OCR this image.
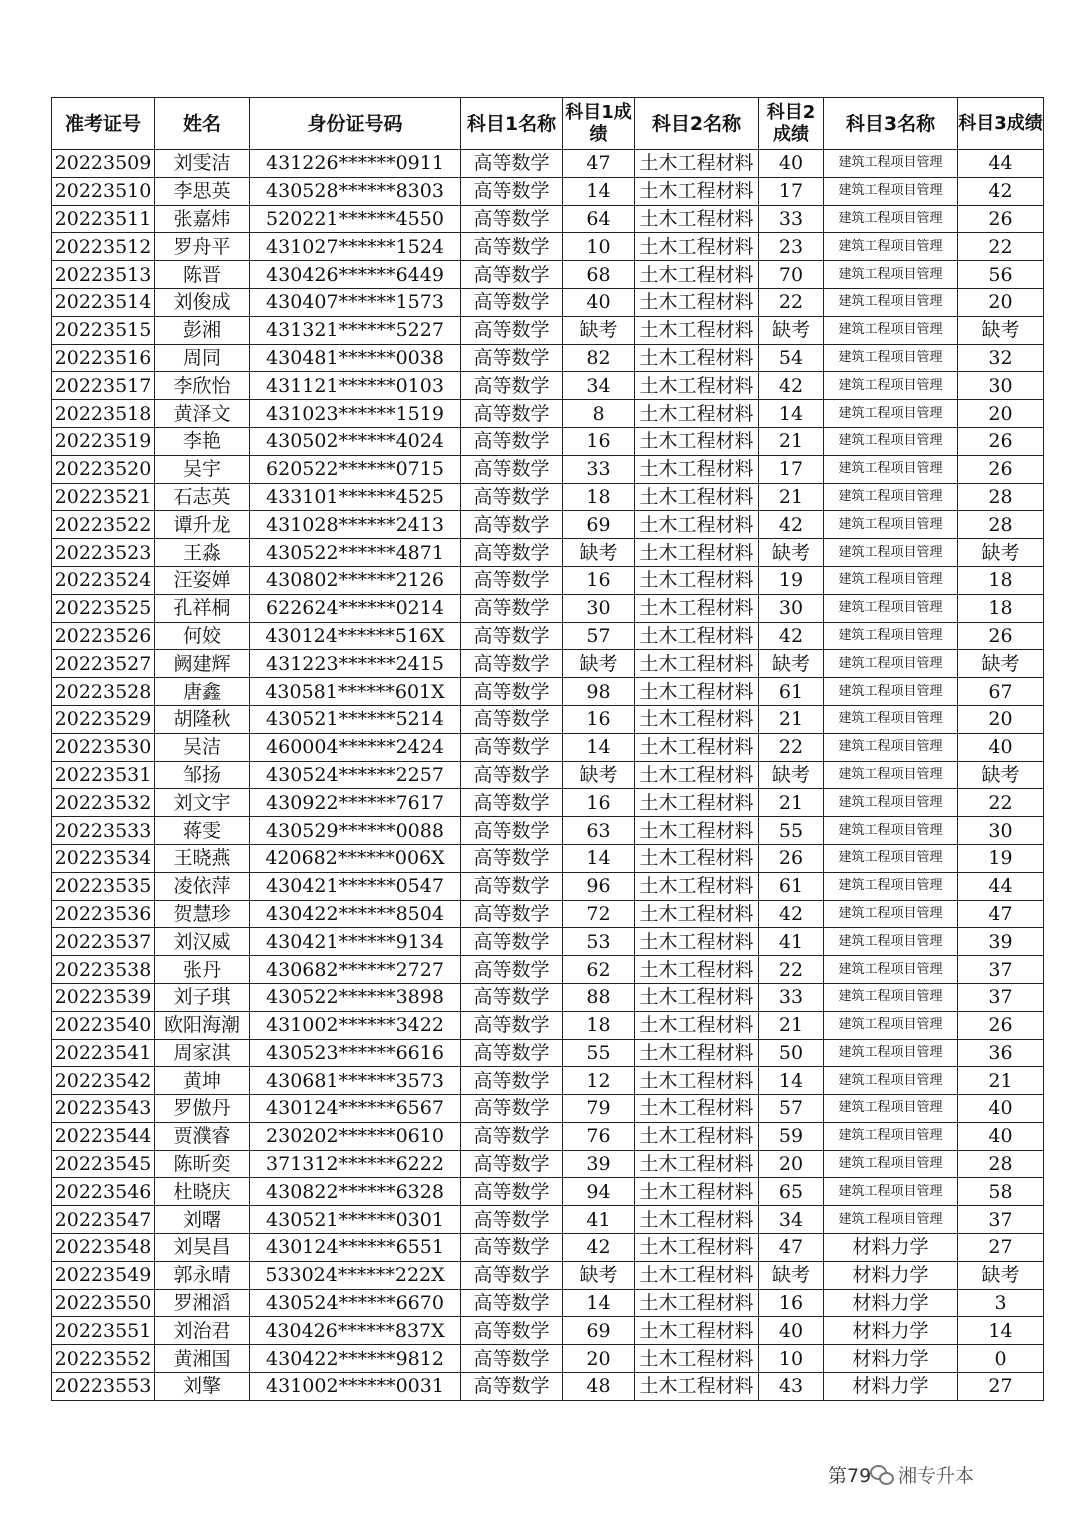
准考证号	姓名	身份证号码	科目1名称	科目1成绩	科目2名称	科目2成绩	科目3名称	科目3成绩
20223509	刘雯洁	431226******0911	高等数学	47	土木工程材料	40	建筑工程项目管理	44
20223510	李思英	430528******8303	高等数学	14	土木工程材料	17	建筑工程项目管理	42
20223511	张嘉炜	520221******4550	高等数学	64	土木工程材料	33	建筑工程项目管理	26
20223512	罗舟平	431027******1524	高等数学	10	土木工程材料	23	建筑工程项目管理	22
20223513	陈晋	430426******6449	高等数学	68	土木工程材料	70	建筑工程项目管理	56
20223514	刘俊成	430407******1573	高等数学	40	土木工程材料	22	建筑工程项目管理	20
20223515	彭湘	431321******5227	高等数学	缺考	土木工程材料	缺考	建筑工程项目管理	缺考
20223516	周同	430481******0038	高等数学	82	土木工程材料	54	建筑工程项目管理	32
20223517	李欣怡	431121******0103	高等数学	34	土木工程材料	42	建筑工程项目管理	30
20223518	黄泽文	431023******1519	高等数学	8	土木工程材料	14	建筑工程项目管理	20
20223519	李艳	430502******4024	高等数学	16	土木工程材料	21	建筑工程项目管理	26
20223520	吴宇	620522******0715	高等数学	33	土木工程材料	17	建筑工程项目管理	26
20223521	石志英	433101******4525	高等数学	18	土木工程材料	21	建筑工程项目管理	28
20223522	谭升龙	431028******2413	高等数学	69	土木工程材料	42	建筑工程项目管理	28
20223523	王淼	430522******4871	高等数学	缺考	土木工程材料	缺考	建筑工程项目管理	缺考
20223524	汪姿婵	430802******2126	高等数学	16	土木工程材料	19	建筑工程项目管理	18
20223525	孔祥桐	622624******0214	高等数学	30	土木工程材料	30	建筑工程项目管理	18
20223526	何姣	430124******516X	高等数学	57	土木工程材料	42	建筑工程项目管理	26
20223527	阙建辉	431223******2415	高等数学	缺考	土木工程材料	缺考	建筑工程项目管理	缺考
20223528	唐鑫	430581******601X	高等数学	98	土木工程材料	61	建筑工程项目管理	67
20223529	胡隆秋	430521******5214	高等数学	16	土木工程材料	21	建筑工程项目管理	20
20223530	吴洁	460004******2424	高等数学	14	土木工程材料	22	建筑工程项目管理	40
20223531	邹扬	430524******2257	高等数学	缺考	土木工程材料	缺考	建筑工程项目管理	缺考
20223532	刘文宇	430922******7617	高等数学	16	土木工程材料	21	建筑工程项目管理	22
20223533	蒋雯	430529******0088	高等数学	63	土木工程材料	55	建筑工程项目管理	30
20223534	王晓燕	420682******006X	高等数学	14	土木工程材料	26	建筑工程项目管理	19
20223535	凌依萍	430421******0547	高等数学	96	土木工程材料	61	建筑工程项目管理	44
20223536	贺慧珍	430422******8504	高等数学	72	土木工程材料	42	建筑工程项目管理	47
20223537	刘汉威	430421******9134	高等数学	53	土木工程材料	41	建筑工程项目管理	39
20223538	张丹	430682******2727	高等数学	62	土木工程材料	22	建筑工程项目管理	37
20223539	刘子琪	430522******3898	高等数学	88	土木工程材料	33	建筑工程项目管理	37
20223540	欧阳海潮	431002******3422	高等数学	18	土木工程材料	21	建筑工程项目管理	26
20223541	周家淇	430523******6616	高等数学	55	土木工程材料	50	建筑工程项目管理	36
20223542	黄坤	430681******3573	高等数学	12	土木工程材料	14	建筑工程项目管理	21
20223543	罗傲丹	430124******6567	高等数学	79	土木工程材料	57	建筑工程项目管理	40
20223544	贾濮睿	230202******0610	高等数学	76	土木工程材料	59	建筑工程项目管理	40
20223545	陈昕奕	371312******6222	高等数学	39	土木工程材料	20	建筑工程项目管理	28
20223546	杜晓庆	430822******6328	高等数学	94	土木工程材料	65	建筑工程项目管理	58
20223547	刘曙	430521******0301	高等数学	41	土木工程材料	34	建筑工程项目管理	37
20223548	刘昊昌	430124******6551	高等数学	42	土木工程材料	47	材料力学	27
20223549	郭永晴	533024******222X	高等数学	缺考	土木工程材料	缺考	材料力学	缺考
20223550	罗湘滔	430524******6670	高等数学	14	土木工程材料	16	材料力学	3
20223551	刘治君	430426******837X	高等数学	69	土木工程材料	40	材料力学	14
20223552	黄湘国	430422******9812	高等数学	20	土木工程材料	10	材料力学	0
20223553	刘擎	431002******0031	高等数学	48	土木工程材料	43	材料力学	27
第79 湘专升本
